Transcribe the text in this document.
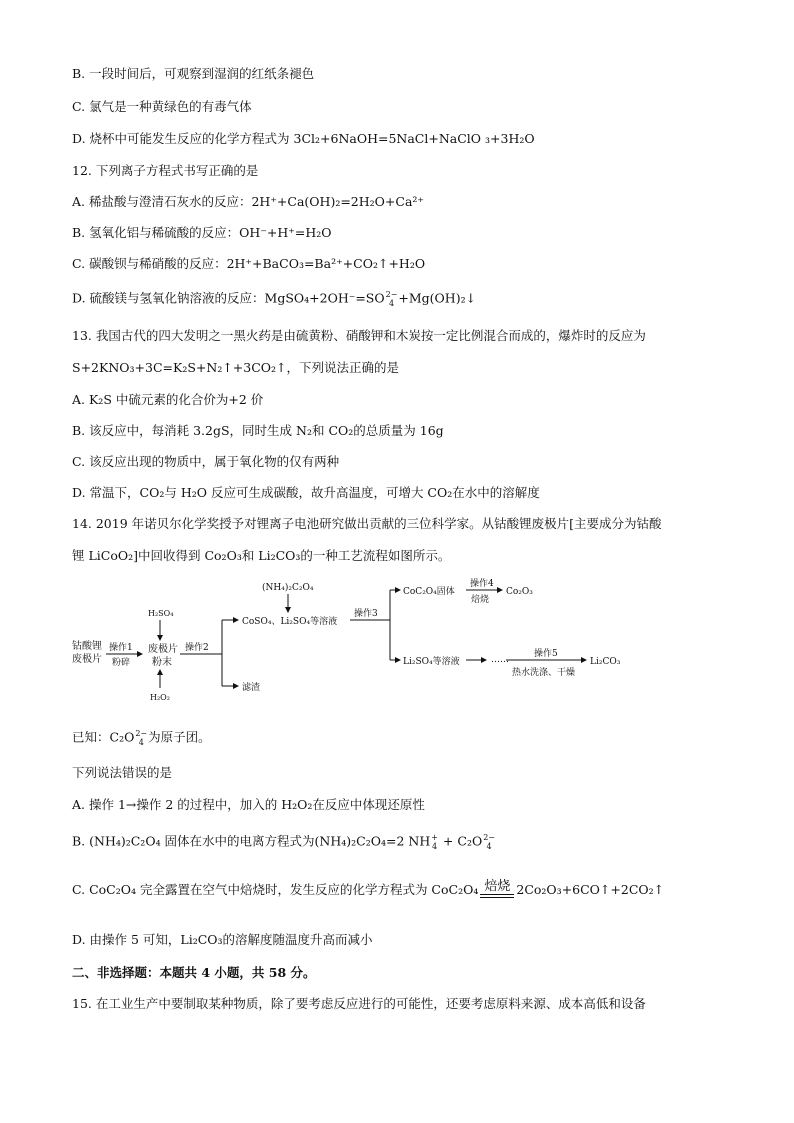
B. 一段时间后，可观察到湿润的红纸条褪色
C. 氯气是一种黄绿色的有毒气体
D. 烧杯中可能发生反应的化学方程式为 3Cl₂+6NaOH=5NaCl+NaClO ₃+3H₂O
12. 下列离子方程式书写正确的是
A. 稀盐酸与澄清石灰水的反应：2H⁺+Ca(OH)₂=2H₂O+Ca²⁺
B. 氢氧化铝与稀硫酸的反应：OH⁻+H⁺=H₂O
C. 碳酸钡与稀硝酸的反应：2H⁺+BaCO₃=Ba²⁺+CO₂↑+H₂O
D. 硫酸镁与氢氧化钠溶液的反应：MgSO₄+2OH⁻=SO 2−
4 +Mg(OH)₂↓
13. 我国古代的四大发明之一黑火药是由硫黄粉、硝酸钾和木炭按一定比例混合而成的，爆炸时的反应为
S+2KNO₃+3C=K₂S+N₂↑+3CO₂↑，下列说法正确的是
A. K₂S 中硫元素的化合价为+2 价
B. 该反应中，每消耗 3.2gS，同时生成 N₂和 CO₂的总质量为 16g
C. 该反应出现的物质中，属于氧化物的仅有两种
D. 常温下，CO₂与 H₂O 反应可生成碳酸，故升高温度，可增大 CO₂在水中的溶解度
14. 2019 年诺贝尔化学奖授予对锂离子电池研究做出贡献的三位科学家。从钴酸锂废极片[主要成分为钴酸
锂 LiCoO₂]中回收得到 Co₂O₃和 Li₂CO₃的一种工艺流程如图所示。
钴酸锂
废极片
操作1
粉碎
H₂SO₄
废极片
粉末
H₂O₂
操作2
(NH₄)₂C₂O₄
CoSO₄、Li₂SO₄等溶液
滤渣
操作3
CoC₂O₄固体
操作4
焙烧
Co₂O₃
Li₂SO₄等溶液	……
操作5
热水洗涤、干燥
Li₂CO₃
已知：C₂O 2−
4 为原子团。
下列说法错误的是
A. 操作 1→操作 2 的过程中，加入的 H₂O₂在反应中体现还原性
B. (NH₄)₂C₂O₄ 固体在水中的电离方程式为(NH₄)₂C₂O₄=2 NH +
4 + C₂O 2−
4
C. CoC₂O₄ 完全露置在空气中焙烧时，发生反应的化学方程式为 CoC₂O₄ 焙烧 2Co₂O₃+6CO↑+2CO₂↑
D. 由操作 5 可知，Li₂CO₃的溶解度随温度升高而减小
二、非选择题：本题共 4 小题，共 58 分。
15. 在工业生产中要制取某种物质，除了要考虑反应进行的可能性，还要考虑原料来源、成本高低和设备
